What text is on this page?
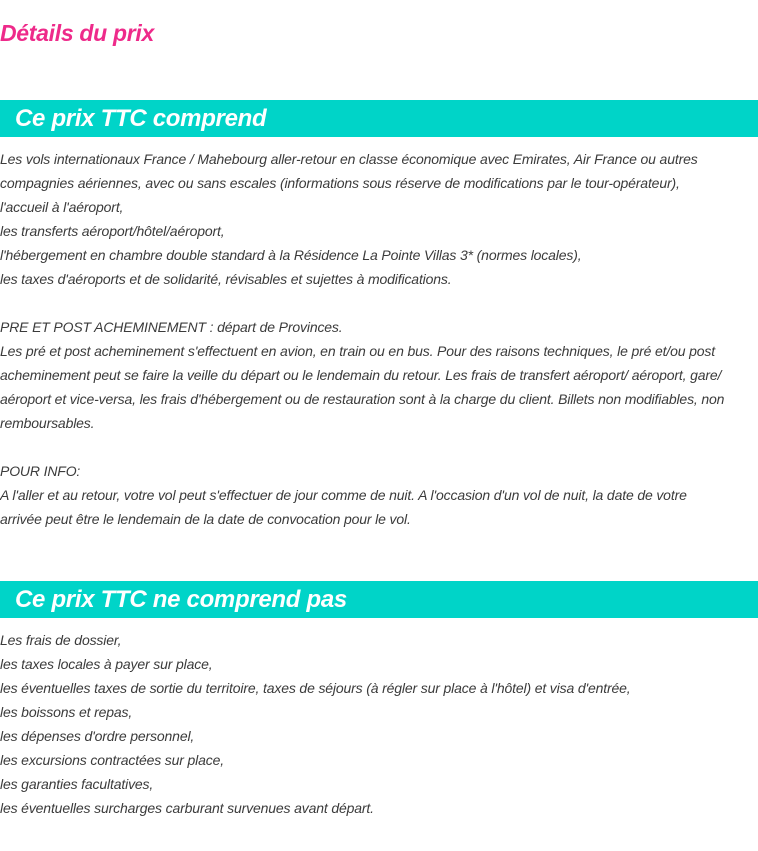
Détails du prix
Ce prix TTC comprend
Les vols internationaux France / Mahebourg aller-retour en classe économique avec Emirates, Air France ou autres
compagnies aériennes, avec ou sans escales (informations sous réserve de modifications par le tour-opérateur),
l'accueil à l'aéroport,
les transferts aéroport/hôtel/aéroport,
l'hébergement en chambre double standard à la Résidence La Pointe Villas 3* (normes locales),
les taxes d'aéroports et de solidarité, révisables et sujettes à modifications.
PRE ET POST ACHEMINEMENT : départ de Provinces.
Les pré et post acheminement s'effectuent en avion, en train ou en bus. Pour des raisons techniques, le pré et/ou post
acheminement peut se faire la veille du départ ou le lendemain du retour. Les frais de transfert aéroport/ aéroport, gare/
aéroport et vice-versa, les frais d'hébergement ou de restauration sont à la charge du client. Billets non modifiables, non
remboursables.
POUR INFO:
A l'aller et au retour, votre vol peut s'effectuer de jour comme de nuit. A l'occasion d'un vol de nuit, la date de votre
arrivée peut être le lendemain de la date de convocation pour le vol.
Ce prix TTC ne comprend pas
Les frais de dossier,
les taxes locales à payer sur place,
les éventuelles taxes de sortie du territoire, taxes de séjours (à régler sur place à l'hôtel) et visa d'entrée,
les boissons et repas,
les dépenses d'ordre personnel,
les excursions contractées sur place,
les garanties facultatives,
les éventuelles surcharges carburant survenues avant départ.
